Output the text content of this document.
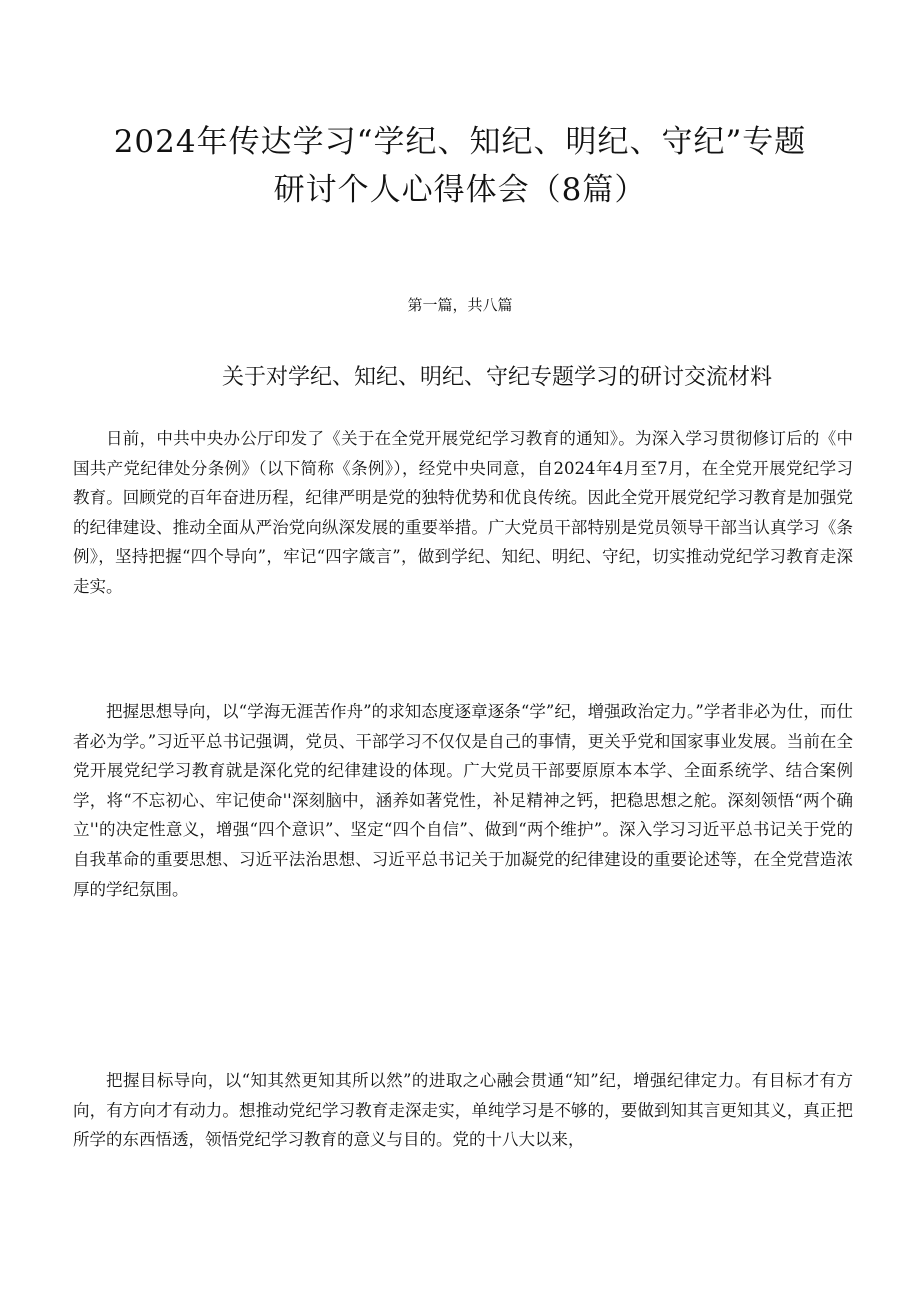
2024年传达学习“学纪、知纪、明纪、守纪”专题
研讨个人心得体会（8篇）
第一篇，共八篇
关于对学纪、知纪、明纪、守纪专题学习的研讨交流材料

日前，中共中央办公厅印发了《关于在全党开展党纪学习教育的通知》。为深入学习贯彻修订后的《中国共产党纪律处分条例》（以下简称《条例》），经党中央同意，自2024年4月至7月，在全党开展党纪学习教育。回顾党的百年奋进历程，纪律严明是党的独特优势和优良传统。因此全党开展党纪学习教育是加强党的纪律建设、推动全面从严治党向纵深发展的重要举措。广大党员干部特别是党员领导干部当认真学习《条例》，坚持把握“四个导向”，牢记“四字箴言”，做到学纪、知纪、明纪、守纪，切实推动党纪学习教育走深走实。

把握思想导向，以“学海无涯苦作舟”的求知态度逐章逐条“学”纪，增强政治定力。”学者非必为仕，而仕者必为学。”习近平总书记强调，党员、干部学习不仅仅是自己的事情，更关乎党和国家事业发展。当前在全党开展党纪学习教育就是深化党的纪律建设的体现。广大党员干部要原原本本学、全面系统学、结合案例学，将“不忘初心、牢记使命''深刻脑中，涵养如著党性，补足精神之钙，把稳思想之舵。深刻领悟“两个确立''的决定性意义，增强“四个意识”、坚定“四个自信”、做到“两个维护”。深入学习习近平总书记关于党的自我革命的重要思想、习近平法治思想、习近平总书记关于加凝党的纪律建设的重要论述等，在全党营造浓厚的学纪氛围。

把握目标导向，以“知其然更知其所以然”的进取之心融会贯通“知”纪，增强纪律定力。有目标才有方向，有方向才有动力。想推动党纪学习教育走深走实，单纯学习是不够的，要做到知其言更知其义，真正把所学的东西悟透，领悟党纪学习教育的意义与目的。党的十八大以来，
